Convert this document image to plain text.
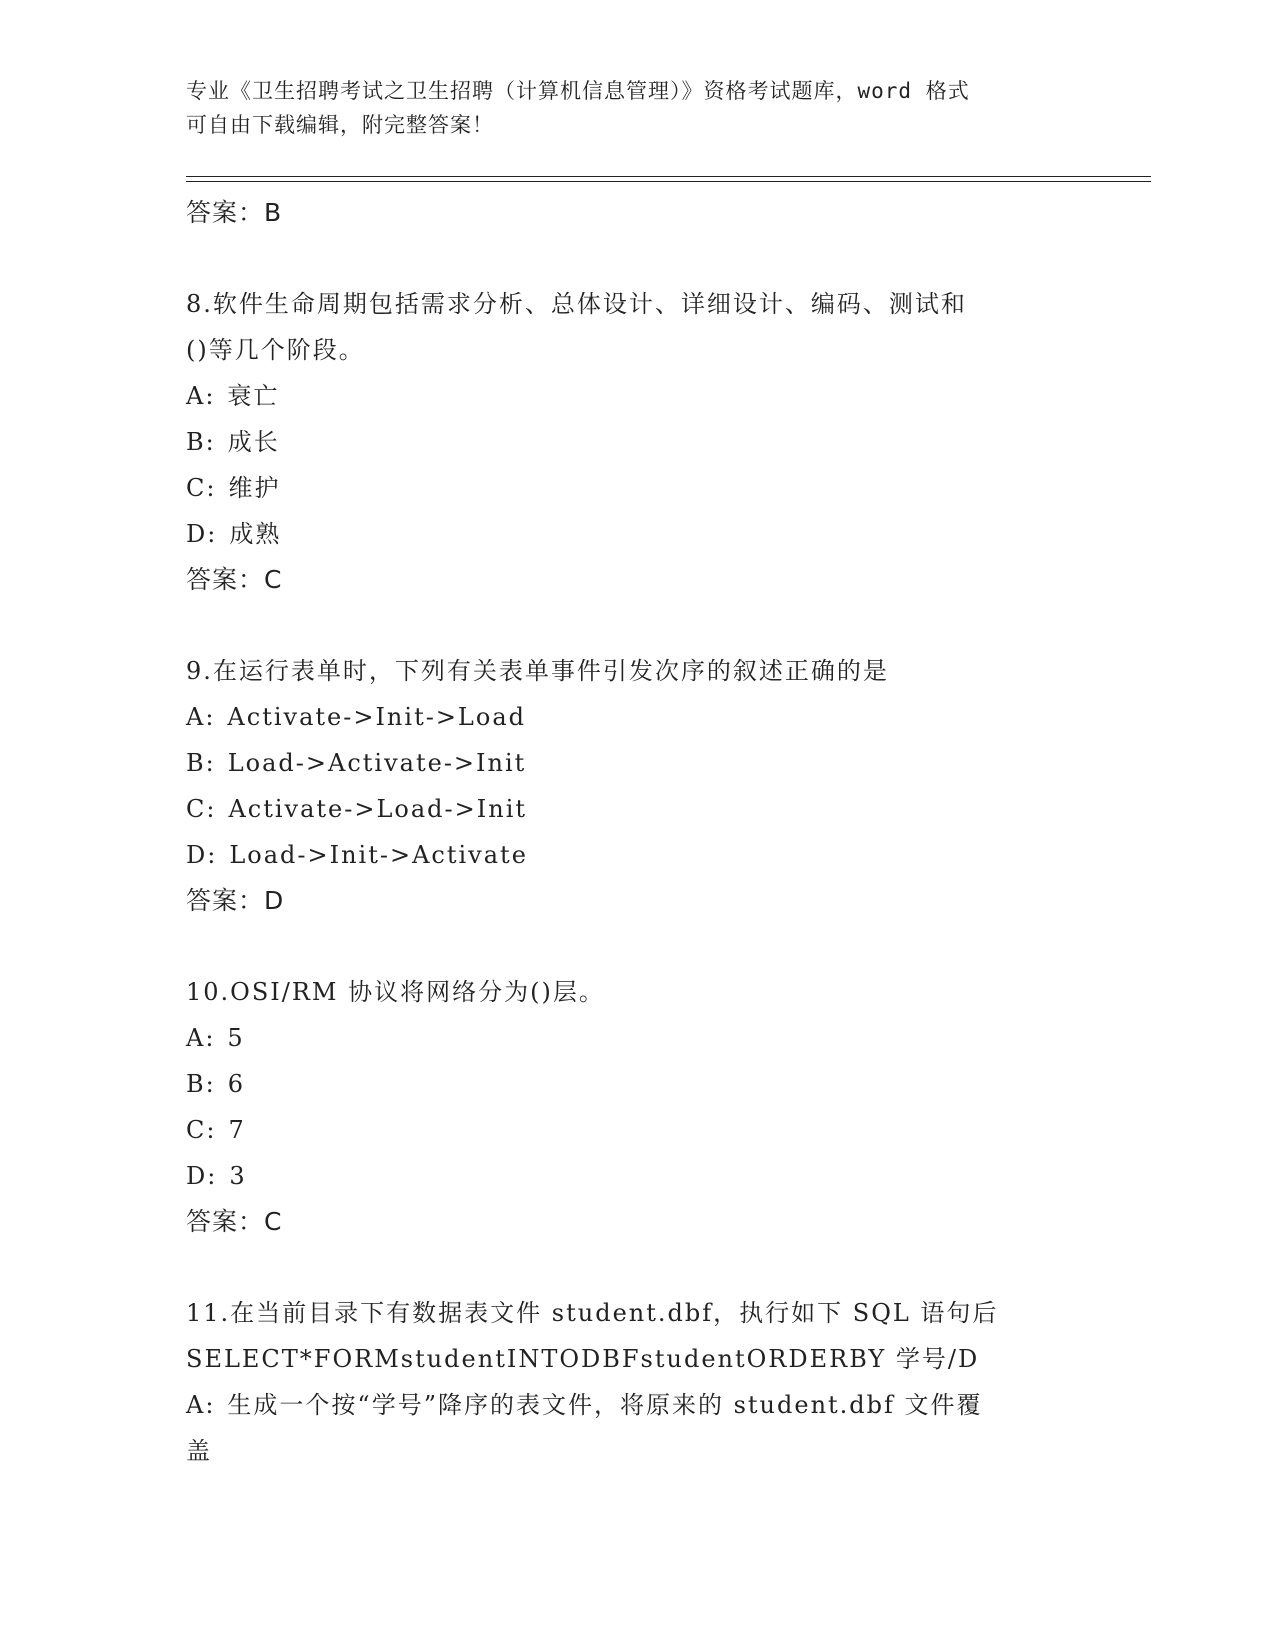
专业《卫生招聘考试之卫生招聘（计算机信息管理）》资格考试题库，word 格式
可自由下载编辑，附完整答案！
答案：B
8.软件生命周期包括需求分析、总体设计、详细设计、编码、测试和
()等几个阶段。
A: 衰亡
B: 成长
C: 维护
D: 成熟
答案：C
9.在运行表单时，下列有关表单事件引发次序的叙述正确的是
A: Activate->Init->Load
B: Load->Activate->Init
C: Activate->Load->Init
D: Load->Init->Activate
答案：D
10.OSI/RM 协议将网络分为()层。
A: 5
B: 6
C: 7
D: 3
答案：C
11.在当前目录下有数据表文件 student.dbf，执行如下 SQL 语句后
SELECT*FORMstudentINTODBFstudentORDERBY 学号/D
A: 生成一个按“学号”降序的表文件，将原来的 student.dbf 文件覆
盖
